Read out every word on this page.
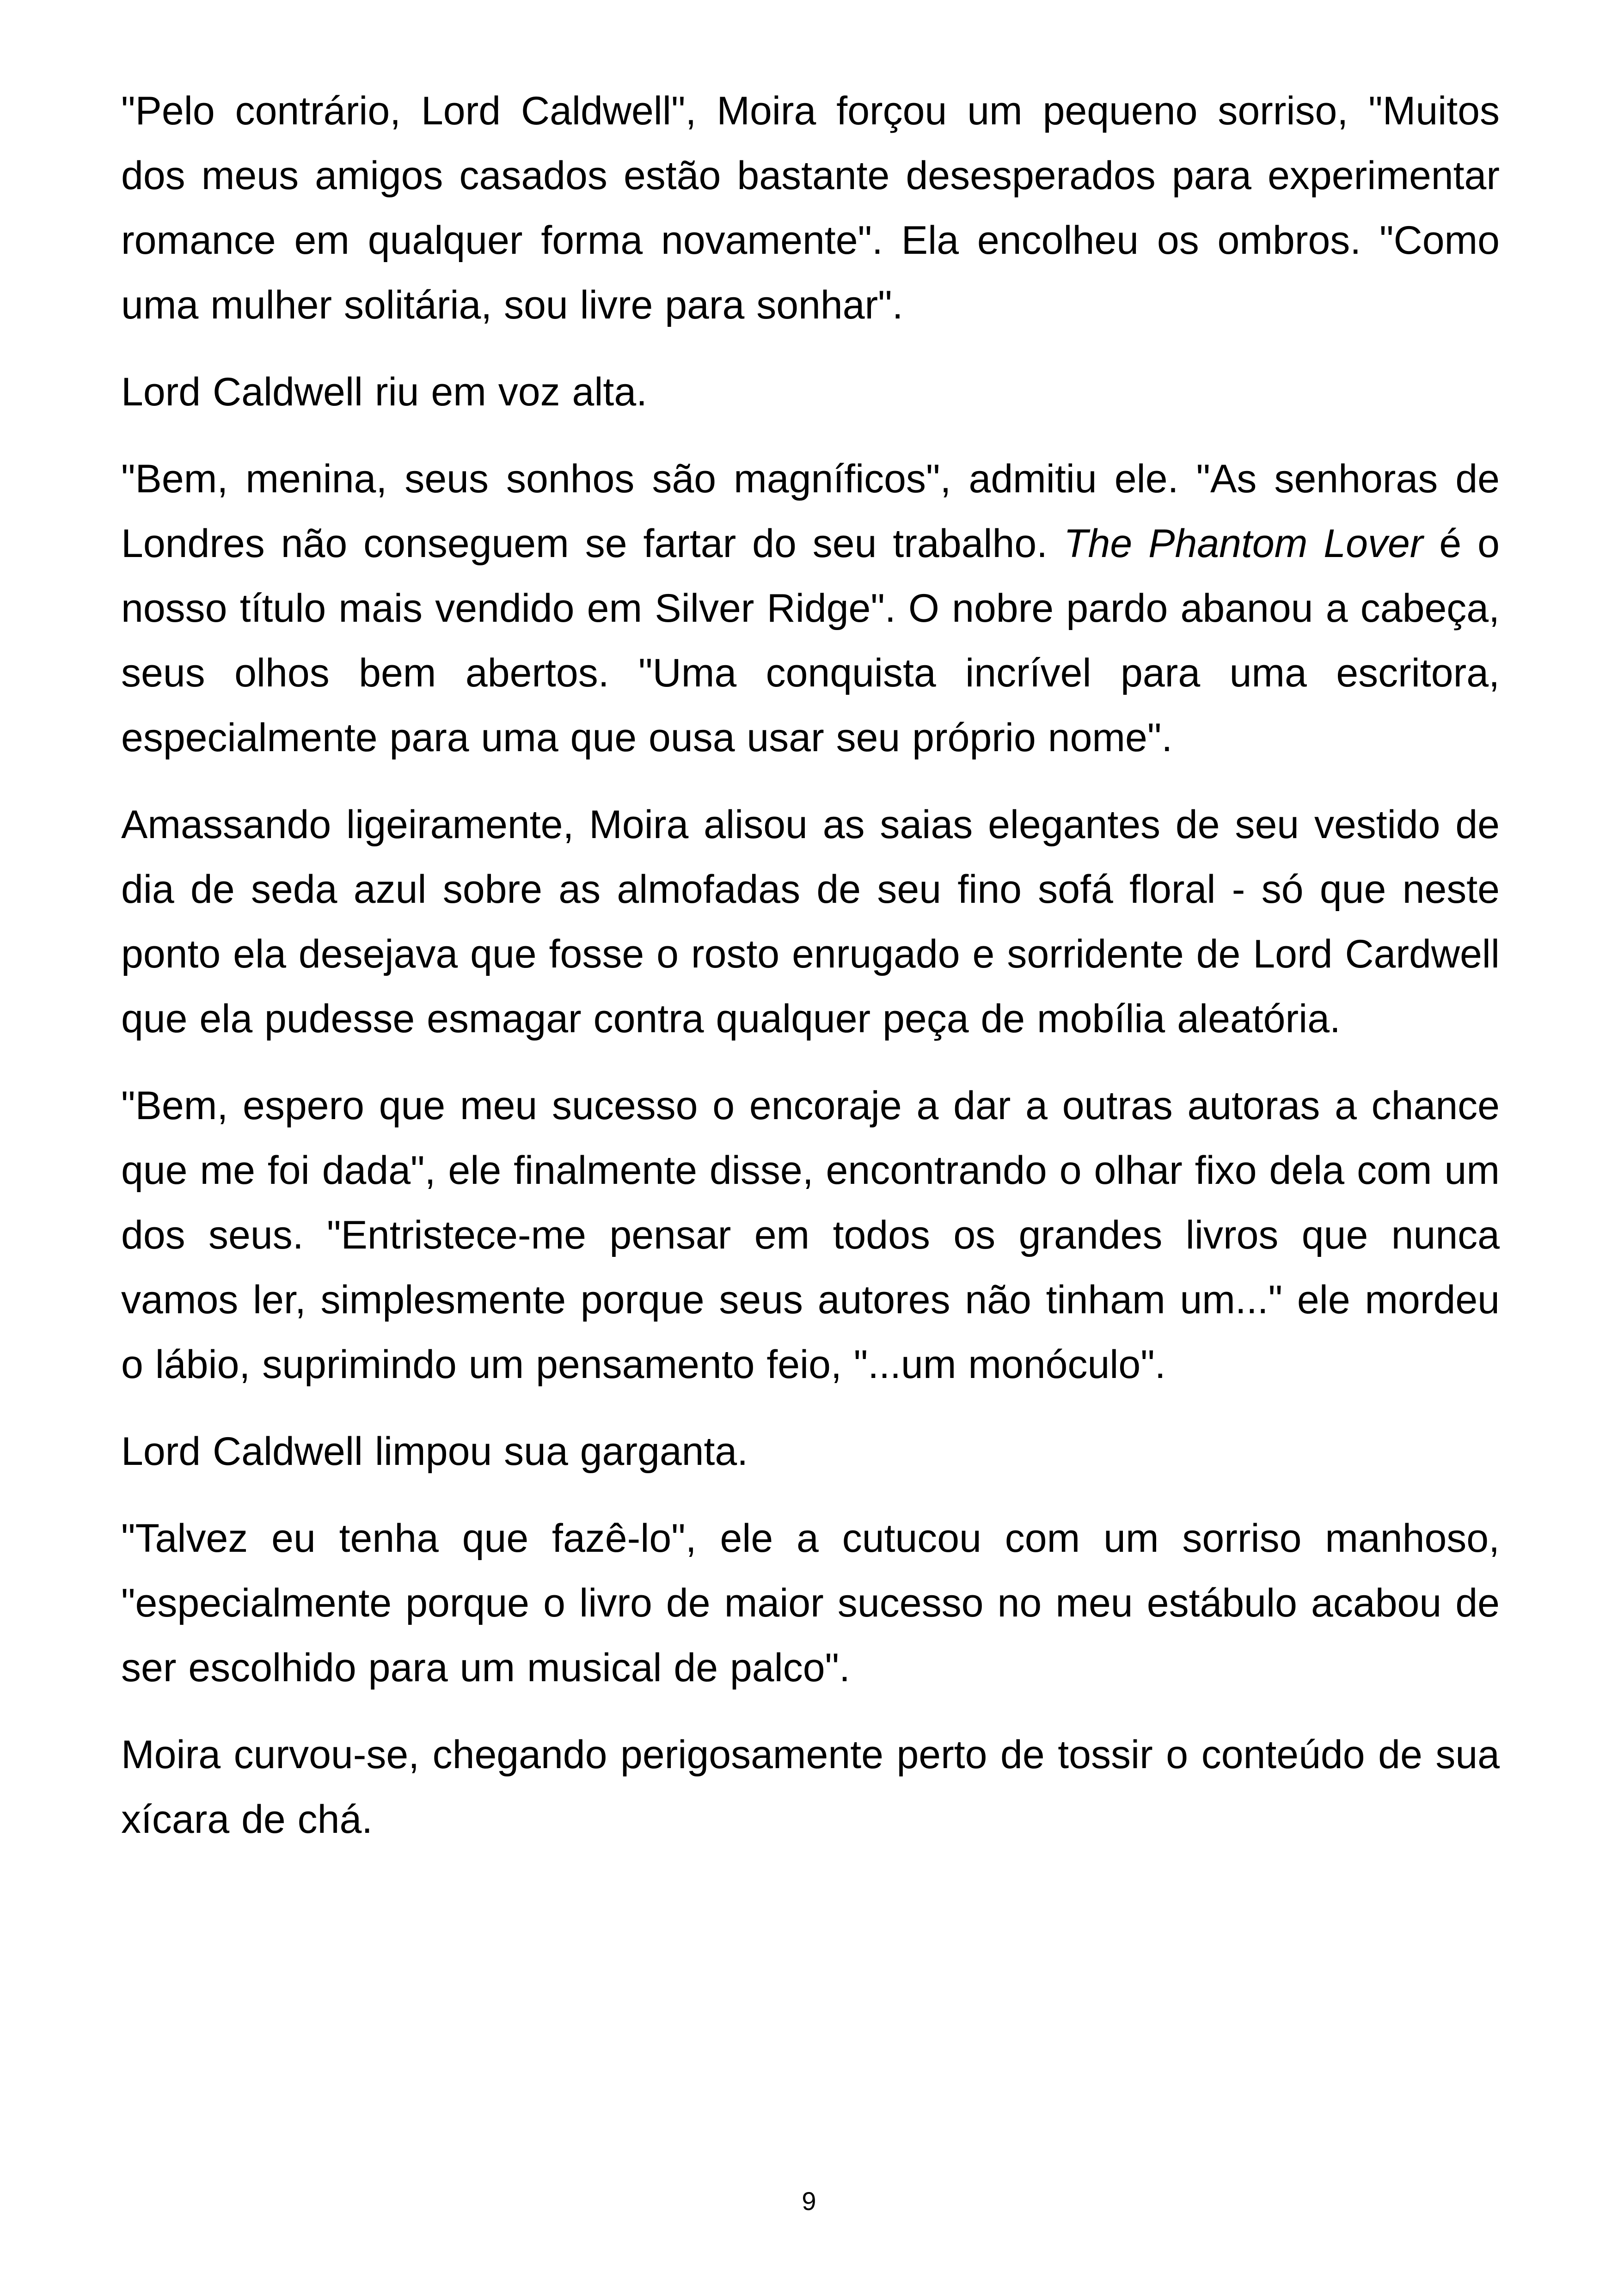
"Pelo contrário, Lord Caldwell", Moira forçou um pequeno sorriso, "Muitos dos meus amigos casados estão bastante desesperados para experimentar romance em qualquer forma novamente". Ela encolheu os ombros. "Como uma mulher solitária, sou livre para sonhar".

Lord Caldwell riu em voz alta.

"Bem, menina, seus sonhos são magníficos", admitiu ele. "As senhoras de Londres não conseguem se fartar do seu trabalho. The Phantom Lover é o nosso título mais vendido em Silver Ridge". O nobre pardo abanou a cabeça, seus olhos bem abertos. "Uma conquista incrível para uma escritora, especialmente para uma que ousa usar seu próprio nome".

Amassando ligeiramente, Moira alisou as saias elegantes de seu vestido de dia de seda azul sobre as almofadas de seu fino sofá floral - só que neste ponto ela desejava que fosse o rosto enrugado e sorridente de Lord Cardwell que ela pudesse esmagar contra qualquer peça de mobília aleatória.

"Bem, espero que meu sucesso o encoraje a dar a outras autoras a chance que me foi dada", ele finalmente disse, encontrando o olhar fixo dela com um dos seus. "Entristece-me pensar em todos os grandes livros que nunca vamos ler, simplesmente porque seus autores não tinham um..." ele mordeu o lábio, suprimindo um pensamento feio, "...um monóculo".

Lord Caldwell limpou sua garganta.

"Talvez eu tenha que fazê-lo", ele a cutucou com um sorriso manhoso, "especialmente porque o livro de maior sucesso no meu estábulo acabou de ser escolhido para um musical de palco".

Moira curvou-se, chegando perigosamente perto de tossir o conteúdo de sua xícara de chá.

9
